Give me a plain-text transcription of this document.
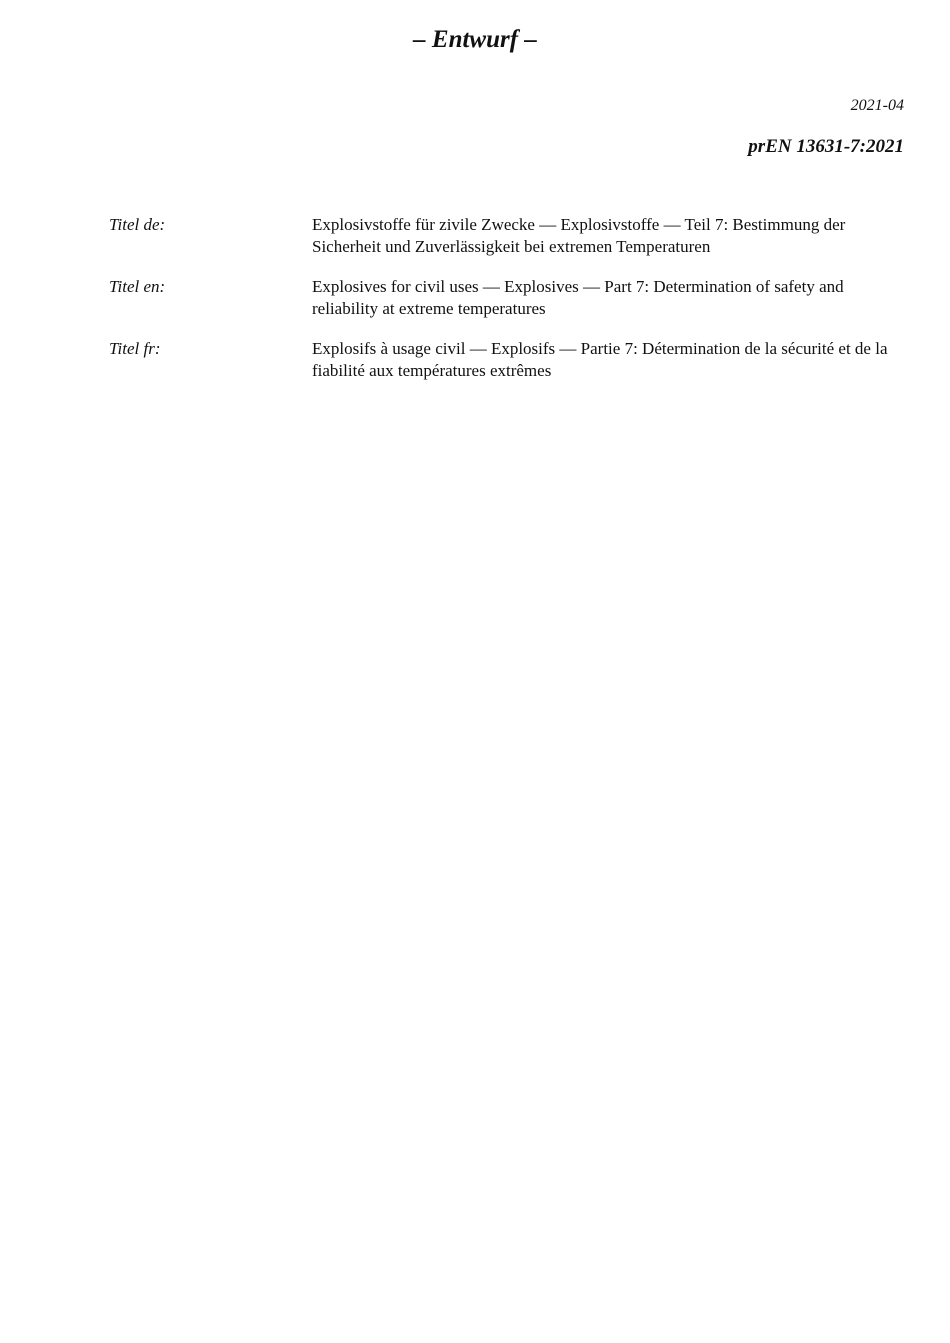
– Entwurf –
2021-04
prEN 13631-7:2021
Titel de:	Explosivstoffe für zivile Zwecke — Explosivstoffe — Teil 7: Bestimmung der Sicherheit und Zuverlässigkeit bei extremen Temperaturen
Titel en:	Explosives for civil uses — Explosives — Part 7: Determination of safety and reliability at extreme temperatures
Titel fr:	Explosifs à usage civil — Explosifs — Partie 7: Détermination de la sécurité et de la fiabilité aux températures extrêmes
